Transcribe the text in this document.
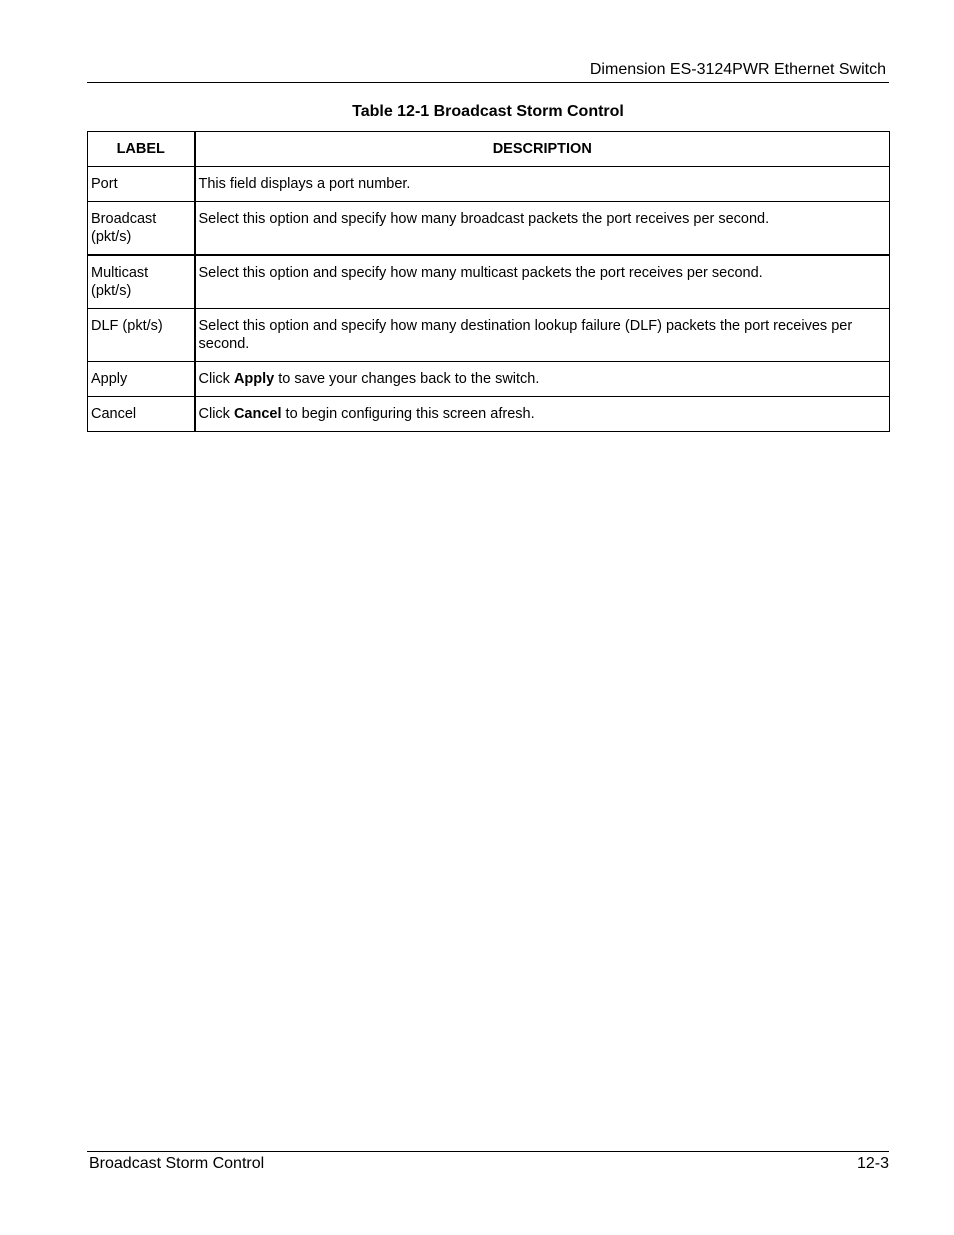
Dimension ES-3124PWR Ethernet Switch
Table 12-1 Broadcast Storm Control
LABEL	DESCRIPTION
Port	This field displays a port number.
Broadcast (pkt/s)	Select this option and specify how many broadcast packets the port receives per second.
Multicast (pkt/s)	Select this option and specify how many multicast packets the port receives per second.
DLF (pkt/s)	Select this option and specify how many destination lookup failure (DLF) packets the port receives per second.
Apply	Click Apply to save your changes back to the switch.
Cancel	Click Cancel to begin configuring this screen afresh.
Broadcast Storm Control	12-3
